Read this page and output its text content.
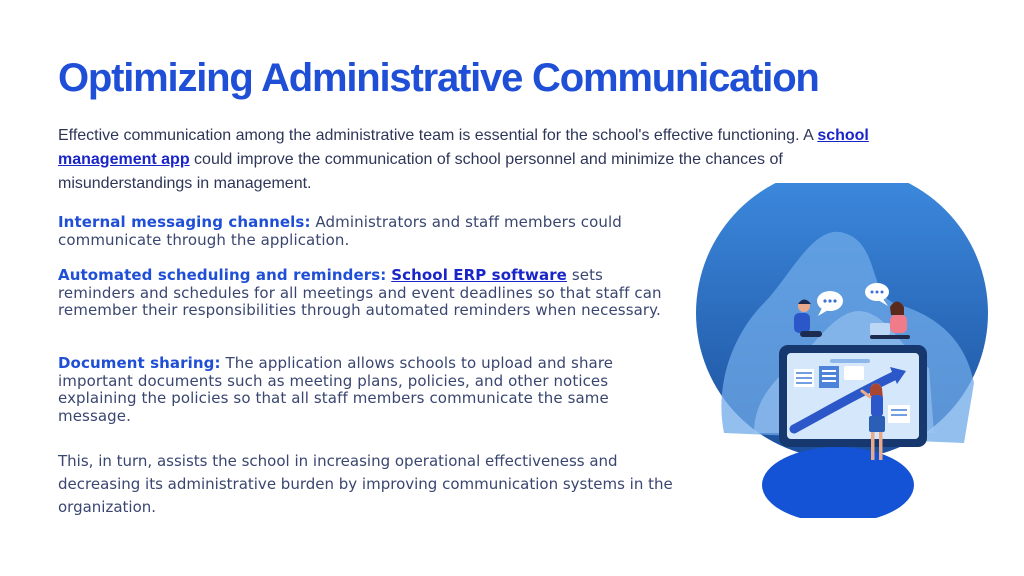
Optimizing Administrative Communication

Effective communication among the administrative team is essential for the school's effective functioning. A school management app could improve the communication of school personnel and minimize the chances of misunderstandings in management.

Internal messaging channels: Administrators and staff members could communicate through the application.

Automated scheduling and reminders: School ERP software sets reminders and schedules for all meetings and event deadlines so that staff can remember their responsibilities through automated reminders when necessary.

Document sharing: The application allows schools to upload and share important documents such as meeting plans, policies, and other notices explaining the policies so that all staff members communicate the same message.

This, in turn, assists the school in increasing operational effectiveness and decreasing its administrative burden by improving communication systems in the organization.
